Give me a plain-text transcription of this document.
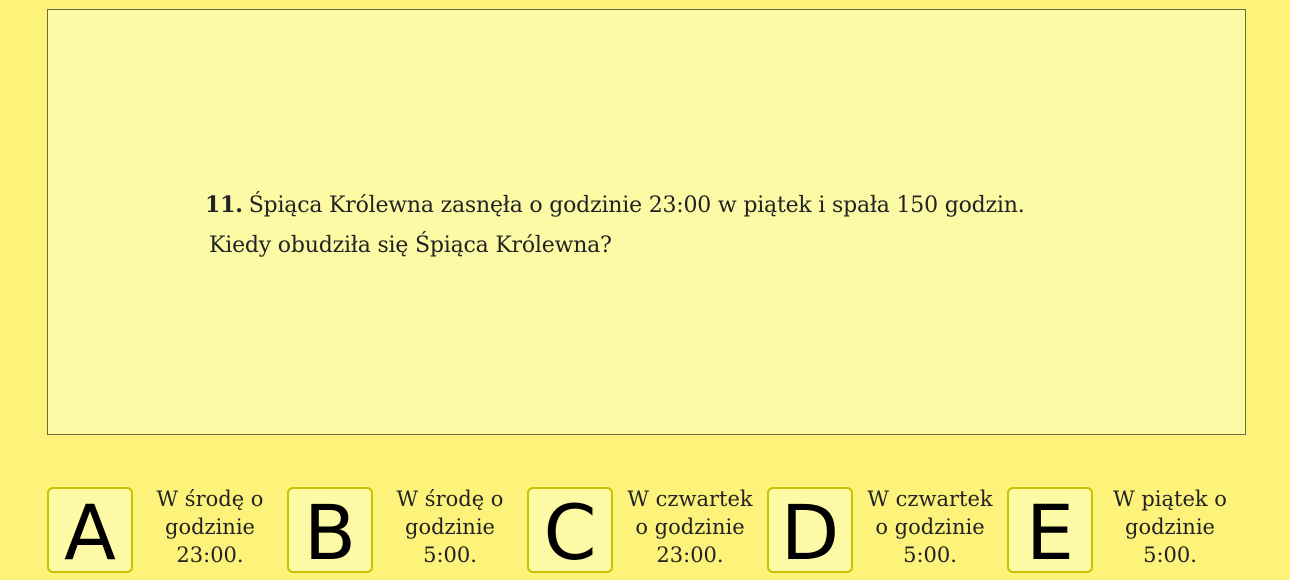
11. Śpiąca Królewna zasnęła o godzinie 23:00 w piątek i spała 150 godzin.
Kiedy obudziła się Śpiąca Królewna?
A	W środę o
godzinie
23:00. B	W środę o
godzinie
5:00. C	W czwartek
o godzinie
23:00. D	W czwartek
o godzinie
5:00. E	W piątek o
godzinie
5:00.
